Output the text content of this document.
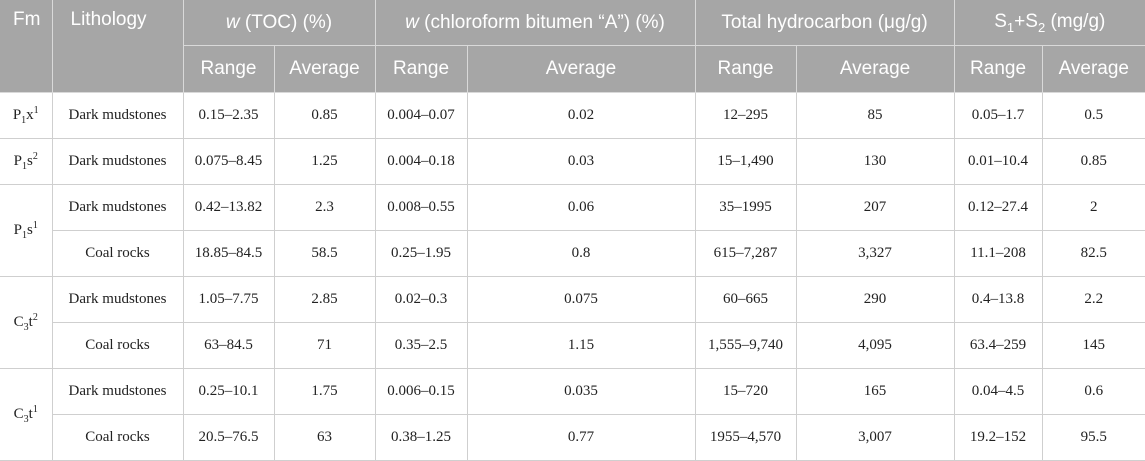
Fm	Lithology	w (TOC) (%)		w (chloroform bitumen “A”) (%)		Total hydrocarbon (μg/g)		$S_1+S_2$ (mg/g)	
		Range	Average	Range	Average	Range	Average	Range	Average
$P_1x^1$	Dark mudstones	0.15–2.35	0.85	0.004–0.07	0.02	12–295	85	0.05–1.7	0.5
$P_1s^2$	Dark mudstones	0.075–8.45	1.25	0.004–0.18	0.03	15–1,490	130	0.01–10.4	0.85
$P_1s^1$	Dark mudstones	0.42–13.82	2.3	0.008–0.55	0.06	35–1995	207	0.12–27.4	2
	Coal rocks	18.85–84.5	58.5	0.25–1.95	0.8	615–7,287	3,327	11.1–208	82.5
$C_3t^2$	Dark mudstones	1.05–7.75	2.85	0.02–0.3	0.075	60–665	290	0.4–13.8	2.2
	Coal rocks	63–84.5	71	0.35–2.5	1.15	1,555–9,740	4,095	63.4–259	145
$C_3t^1$	Dark mudstones	0.25–10.1	1.75	0.006–0.15	0.035	15–720	165	0.04–4.5	0.6
	Coal rocks	20.5–76.5	63	0.38–1.25	0.77	1955–4,570	3,007	19.2–152	95.5
